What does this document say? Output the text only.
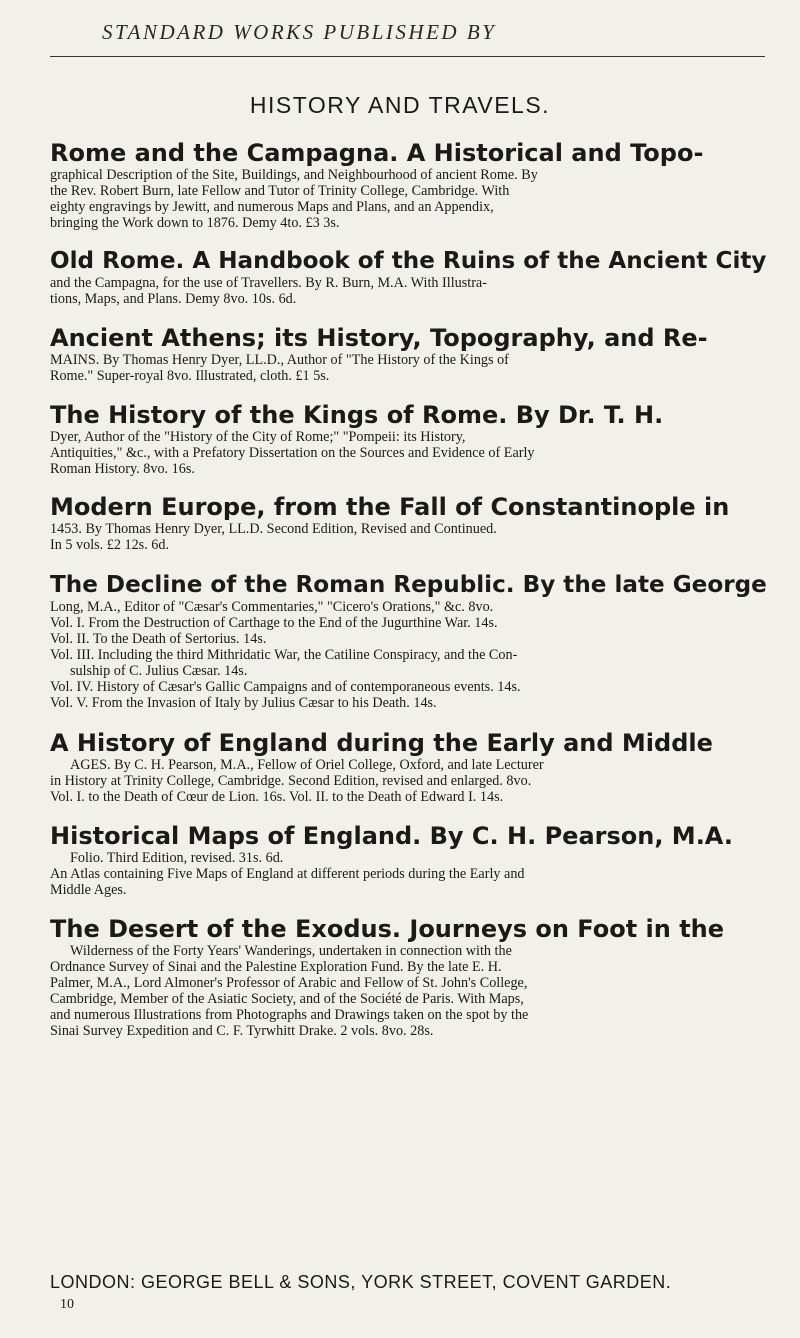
STANDARD WORKS PUBLISHED BY
HISTORY AND TRAVELS.
Rome and the Campagna. A Historical and Topo-
graphical Description of the Site, Buildings, and Neighbourhood of ancient Rome. By
the Rev. Robert Burn, late Fellow and Tutor of Trinity College, Cambridge. With
eighty engravings by Jewitt, and numerous Maps and Plans, and an Appendix,
bringing the Work down to 1876. Demy 4to. £3 3s.
Old Rome. A Handbook of the Ruins of the Ancient City
and the Campagna, for the use of Travellers. By R. Burn, M.A. With Illustra-
tions, Maps, and Plans. Demy 8vo. 10s. 6d.
Ancient Athens; its History, Topography, and Re-
MAINS. By Thomas Henry Dyer, LL.D., Author of "The History of the Kings of
Rome." Super-royal 8vo. Illustrated, cloth. £1 5s.
The History of the Kings of Rome. By Dr. T. H.
Dyer, Author of the "History of the City of Rome;" "Pompeii: its History,
Antiquities," &c., with a Prefatory Dissertation on the Sources and Evidence of Early
Roman History. 8vo. 16s.
Modern Europe, from the Fall of Constantinople in
1453. By Thomas Henry Dyer, LL.D. Second Edition, Revised and Continued.
In 5 vols. £2 12s. 6d.
The Decline of the Roman Republic. By the late George
Long, M.A., Editor of "Cæsar's Commentaries," "Cicero's Orations," &c. 8vo.
Vol. I. From the Destruction of Carthage to the End of the Jugurthine War. 14s.
Vol. II. To the Death of Sertorius. 14s.
Vol. III. Including the third Mithridatic War, the Catiline Conspiracy, and the Con-
sulship of C. Julius Cæsar. 14s.
Vol. IV. History of Cæsar's Gallic Campaigns and of contemporaneous events. 14s.
Vol. V. From the Invasion of Italy by Julius Cæsar to his Death. 14s.
A History of England during the Early and Middle
AGES. By C. H. Pearson, M.A., Fellow of Oriel College, Oxford, and late Lecturer
in History at Trinity College, Cambridge. Second Edition, revised and enlarged. 8vo.
Vol. I. to the Death of Cœur de Lion. 16s. Vol. II. to the Death of Edward I. 14s.
Historical Maps of England. By C. H. Pearson, M.A.
Folio. Third Edition, revised. 31s. 6d.
An Atlas containing Five Maps of England at different periods during the Early and
Middle Ages.
The Desert of the Exodus. Journeys on Foot in the
Wilderness of the Forty Years' Wanderings, undertaken in connection with the
Ordnance Survey of Sinai and the Palestine Exploration Fund. By the late E. H.
Palmer, M.A., Lord Almoner's Professor of Arabic and Fellow of St. John's College,
Cambridge, Member of the Asiatic Society, and of the Société de Paris. With Maps,
and numerous Illustrations from Photographs and Drawings taken on the spot by the
Sinai Survey Expedition and C. F. Tyrwhitt Drake. 2 vols. 8vo. 28s.
LONDON: GEORGE BELL & SONS, YORK STREET, COVENT GARDEN.
10
